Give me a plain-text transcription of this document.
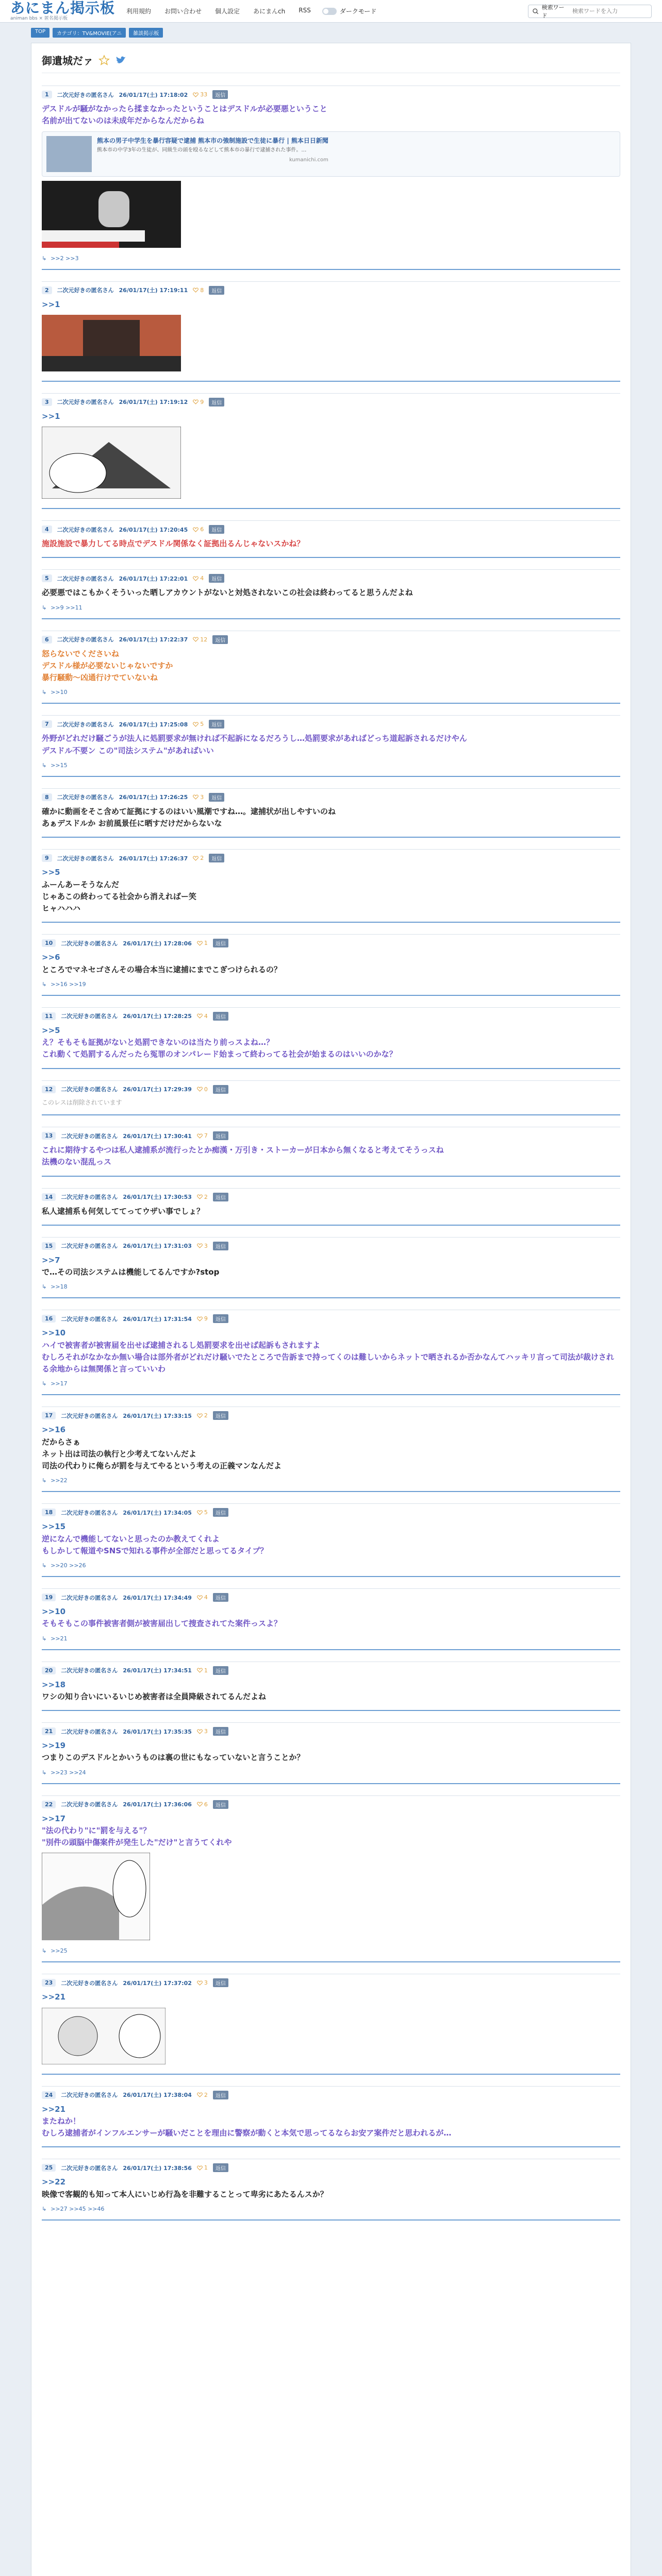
あにまん掲示板
animan bbs × 匿名掲示板
利用規約 お問い合わせ 個人設定 あにまんch RSS	ダークモード
検索ワード
検索ワードを入力
TOP	カテゴリ：TV&MOVIE(アニ	雑談掲示板
御遺城だァ
1	二次元好きの匿名さん 26/01/17(土) 17:18:02 33	返信
デスドルが騒がなかったら揉まなかったということはデスドルが必要悪ということ
名前が出てないのは未成年だからなんだからね
熊本の男子中学生を暴行容疑で逮捕 熊本市の強制施設で生徒に暴行 | 熊本日日新聞
熊本市の中学3年の生徒が、同級生の頭を殴るなどして熊本市の暴行で逮捕された事件。…
kumanichi.com
↳ >>2 >>3
2	二次元好きの匿名さん 26/01/17(土) 17:19:11 8	返信
>>1
3	二次元好きの匿名さん 26/01/17(土) 17:19:12 9	返信
>>1
4	二次元好きの匿名さん 26/01/17(土) 17:20:45 6	返信
施設施設で暴力してる時点でデスドル関係なく証拠出るんじゃないスかね？
5	二次元好きの匿名さん 26/01/17(土) 17:22:01 4	返信
必要悪ではこもかくそういった晒しアカウントがないと対処されないこの社会は終わってると思うんだよね
↳ >>9 >>11
6	二次元好きの匿名さん 26/01/17(土) 17:22:37 12	返信
怒らないでくださいね
デスドル様が必要ないじゃないですか
暴行騒動〜凶通行けでていないね
↳ >>10
7	二次元好きの匿名さん 26/01/17(土) 17:25:08 5	返信
外野がどれだけ騒ごうが法人に処罰要求が無ければ不起訴になるだろうし…処罰要求があればどっち道起訴されるだけやん
デスドル不要ン この"司法システム"があればいい
↳ >>15
8	二次元好きの匿名さん 26/01/17(土) 17:26:25 3	返信
確かに動画をそこ含めて証拠にするのはいい風潮ですね…。逮捕状が出しやすいのね
あぁデスドルか お前風景任に晒すだけだからないな
9	二次元好きの匿名さん 26/01/17(土) 17:26:37 2	返信
>>5
ふーんあーそうなんだ
じゃあこの終わってる社会から消えればー笑
ヒャハハハ
10	二次元好きの匿名さん 26/01/17(土) 17:28:06 1	返信
>>6
ところでマネセゴさんその場合本当に逮捕にまでこぎつけられるの？
↳ >>16 >>19
11	二次元好きの匿名さん 26/01/17(土) 17:28:25 4	返信
>>5
え？そもそも証拠がないと処罰できないのは当たり前っスよね…？
これ動くて処罰するんだったら冤罪のオンパレード始まって終わってる社会が始まるのはいいのかな？
12	二次元好きの匿名さん 26/01/17(土) 17:29:39 0	返信
このレスは削除されています
13	二次元好きの匿名さん 26/01/17(土) 17:30:41 7	返信
これに期待するやつは私人逮捕系が流行ったとか痴漢・万引き・ストーカーが日本から無くなると考えてそうっスね
法機のない混乱っス
14	二次元好きの匿名さん 26/01/17(土) 17:30:53 2	返信
私人逮捕系も何気しててってウザい事でしょ？
15	二次元好きの匿名さん 26/01/17(土) 17:31:03 3	返信
>>7
で…その司法システムは機能してるんですか?stop
↳ >>18
16	二次元好きの匿名さん 26/01/17(土) 17:31:54 9	返信
>>10
ハイで被害者が被害届を出せば逮捕されるし処罰要求を出せば起訴もされますよ
むしろそれがなかなか無い場合は部外者がどれだけ騒いでたところで告訴まで持ってくのは難しいからネットで晒されるか否かなんてハッキリ言って司法が裁けされる余地からは無関係と言っていいわ
↳ >>17
17	二次元好きの匿名さん 26/01/17(土) 17:33:15 2	返信
>>16
だからさぁ
ネット出は司法の執行と少考えてないんだよ
司法の代わりに俺らが罰を与えてやるという考えの正義マンなんだよ
↳ >>22
18	二次元好きの匿名さん 26/01/17(土) 17:34:05 5	返信
>>15
逆になんで機能してないと思ったのか教えてくれよ
もしかして報道やSNSで知れる事件が全部だと思ってるタイプ？
↳ >>20 >>26
19	二次元好きの匿名さん 26/01/17(土) 17:34:49 4	返信
>>10
そもそもこの事件被害者側が被害届出して捜査されてた案件っスよ？
↳ >>21
20	二次元好きの匿名さん 26/01/17(土) 17:34:51 1	返信
>>18
ワシの知り合いにいるいじめ被害者は全員降級されてるんだよね
21	二次元好きの匿名さん 26/01/17(土) 17:35:35 3	返信
>>19
つまりこのデスドルとかいうものは裏の世にもなっていないと言うことか？
↳ >>23 >>24
22	二次元好きの匿名さん 26/01/17(土) 17:36:06 6	返信
>>17
"法の代わり"に"罰を与える"？
"別件の頭脳中傷案件が発生した"だけ"と言うてくれや
↳ >>25
23	二次元好きの匿名さん 26/01/17(土) 17:37:02 3	返信
>>21
24	二次元好きの匿名さん 26/01/17(土) 17:38:04 2	返信
>>21
またねか！
むしろ逮捕者がインフルエンサーが騒いだことを理由に警察が動くと本気で思ってるならお安ア案件だと思われるが…
25	二次元好きの匿名さん 26/01/17(土) 17:38:56 1	返信
>>22
映像で客観的も知って本人にいじめ行為を非難することって卑劣にあたるんスか？
↳ >>27 >>45 >>46
